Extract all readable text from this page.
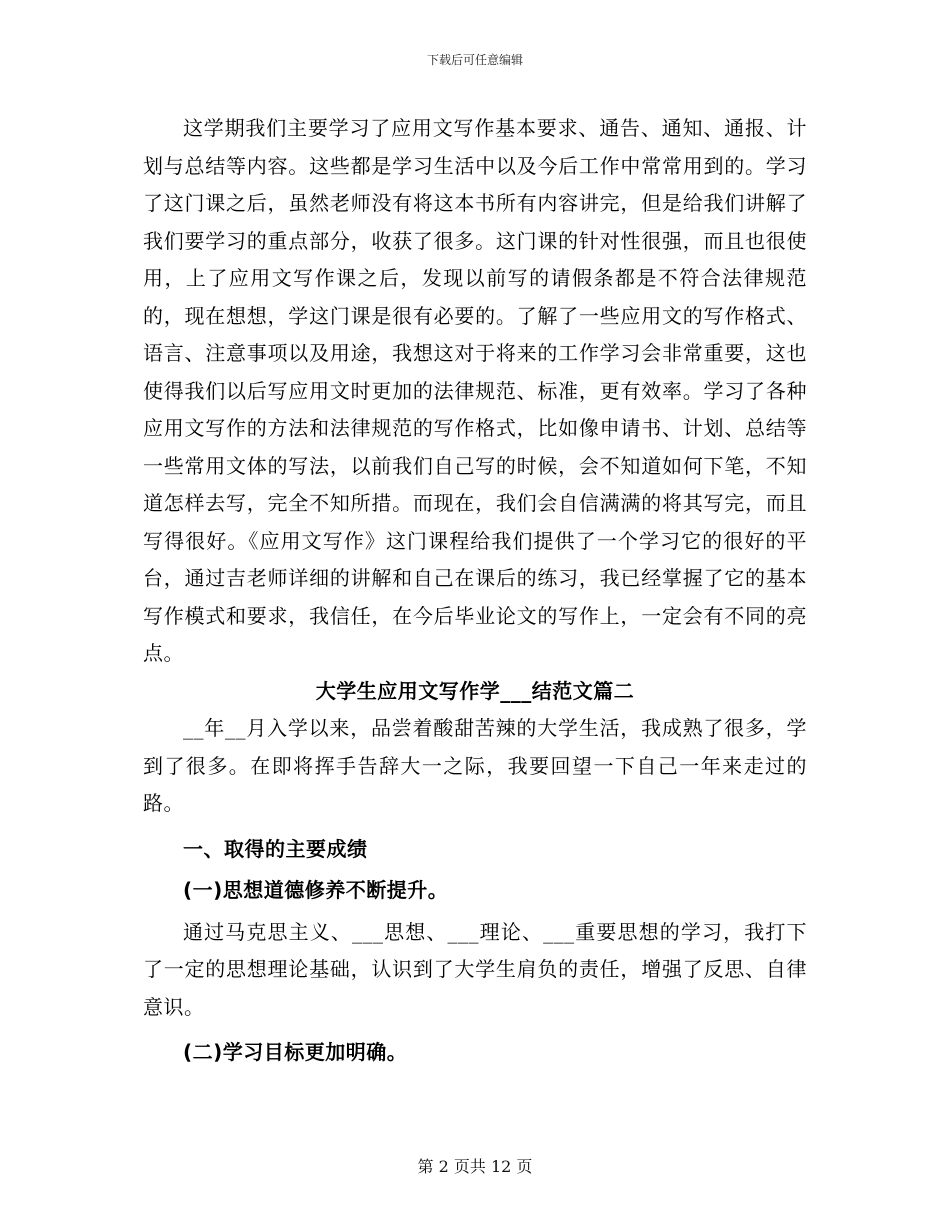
下载后可任意编辑

这学期我们主要学习了应用文写作基本要求、通告、通知、通报、计划与总结等内容。这些都是学习生活中以及今后工作中常常用到的。学习了这门课之后，虽然老师没有将这本书所有内容讲完，但是给我们讲解了我们要学习的重点部分，收获了很多。这门课的针对性很强，而且也很使用，上了应用文写作课之后，发现以前写的请假条都是不符合法律规范的，现在想想，学这门课是很有必要的。了解了一些应用文的写作格式、语言、注意事项以及用途，我想这对于将来的工作学习会非常重要，这也使得我们以后写应用文时更加的法律规范、标准，更有效率。学习了各种应用文写作的方法和法律规范的写作格式，比如像申请书、计划、总结等一些常用文体的写法，以前我们自己写的时候，会不知道如何下笔，不知道怎样去写，完全不知所措。而现在，我们会自信满满的将其写完，而且写得很好。《应用文写作》这门课程给我们提供了一个学习它的很好的平台，通过吉老师详细的讲解和自己在课后的练习，我已经掌握了它的基本写作模式和要求，我信任，在今后毕业论文的写作上，一定会有不同的亮点。

大学生应用文写作学___结范文篇二

__年__月入学以来，品尝着酸甜苦辣的大学生活，我成熟了很多，学到了很多。在即将挥手告辞大一之际，我要回望一下自己一年来走过的路。

一、取得的主要成绩

(一)思想道德修养不断提升。

通过马克思主义、___思想、___理论、___重要思想的学习，我打下了一定的思想理论基础，认识到了大学生肩负的责任，增强了反思、自律意识。

(二)学习目标更加明确。

第 2 页共 12 页
